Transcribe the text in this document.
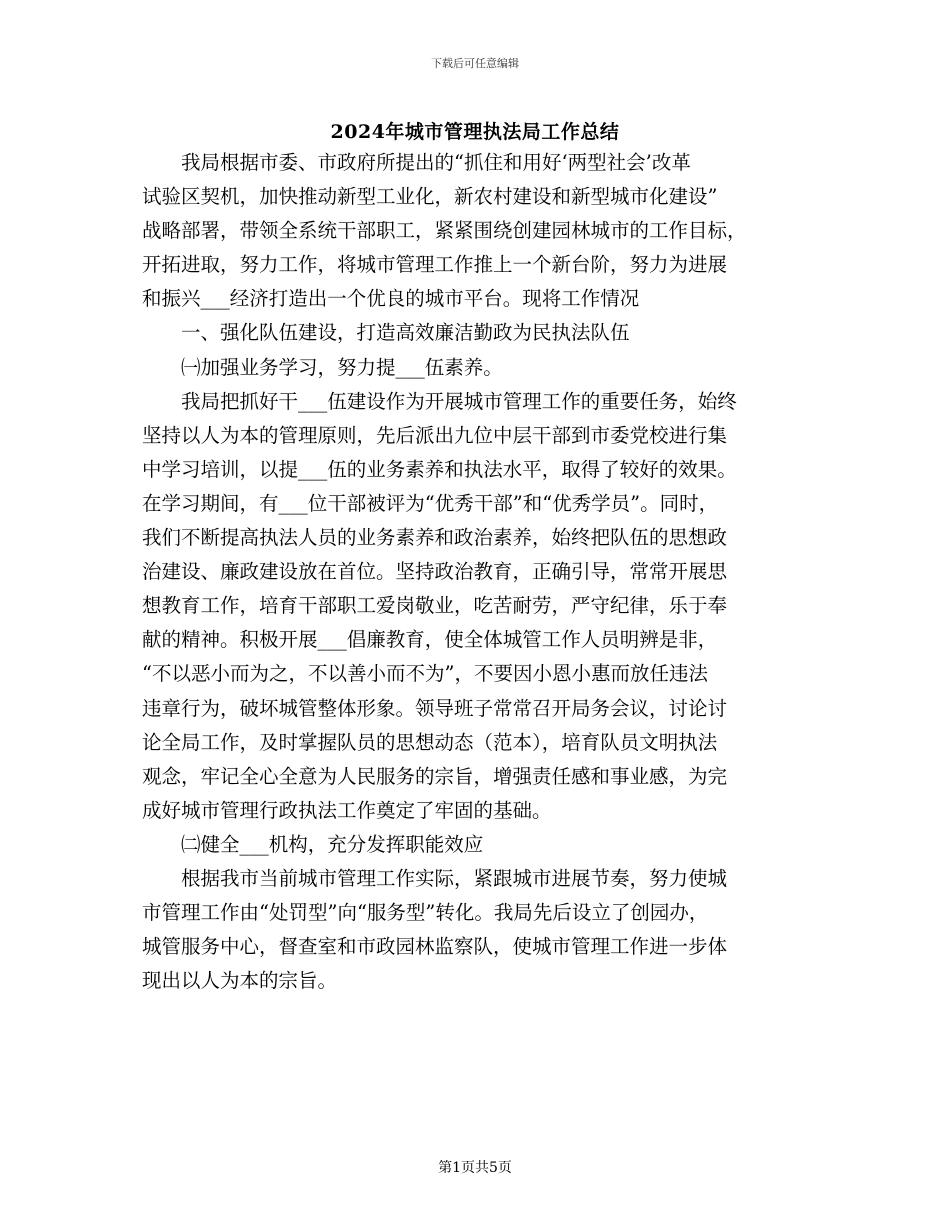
下载后可任意编辑
2024年城市管理执法局工作总结
　　我局根据市委、市政府所提出的“抓住和用好‘两型社会’改革
试验区契机，加快推动新型工业化，新农村建设和新型城市化建设”
战略部署，带领全系统干部职工，紧紧围绕创建园林城市的工作目标，
开拓进取，努力工作，将城市管理工作推上一个新台阶，努力为进展
和振兴___经济打造出一个优良的城市平台。现将工作情况
　　一、强化队伍建设，打造高效廉洁勤政为民执法队伍
　　㈠加强业务学习，努力提___伍素养。
　　我局把抓好干___伍建设作为开展城市管理工作的重要任务，始终
坚持以人为本的管理原则，先后派出九位中层干部到市委党校进行集
中学习培训，以提___伍的业务素养和执法水平，取得了较好的效果。
在学习期间，有___位干部被评为“优秀干部”和“优秀学员”。同时，
我们不断提高执法人员的业务素养和政治素养，始终把队伍的思想政
治建设、廉政建设放在首位。坚持政治教育，正确引导，常常开展思
想教育工作，培育干部职工爱岗敬业，吃苦耐劳，严守纪律，乐于奉
献的精神。积极开展___倡廉教育，使全体城管工作人员明辨是非，
“不以恶小而为之，不以善小而不为”，不要因小恩小惠而放任违法
违章行为，破坏城管整体形象。领导班子常常召开局务会议，讨论讨
论全局工作，及时掌握队员的思想动态（范本），培育队员文明执法
观念，牢记全心全意为人民服务的宗旨，增强责任感和事业感，为完
成好城市管理行政执法工作奠定了牢固的基础。
　　㈡健全___机构，充分发挥职能效应
　　根据我市当前城市管理工作实际，紧跟城市进展节奏，努力使城
市管理工作由“处罚型”向“服务型”转化。我局先后设立了创园办，
城管服务中心，督查室和市政园林监察队，使城市管理工作进一步体
现出以人为本的宗旨。
第1页共5页
